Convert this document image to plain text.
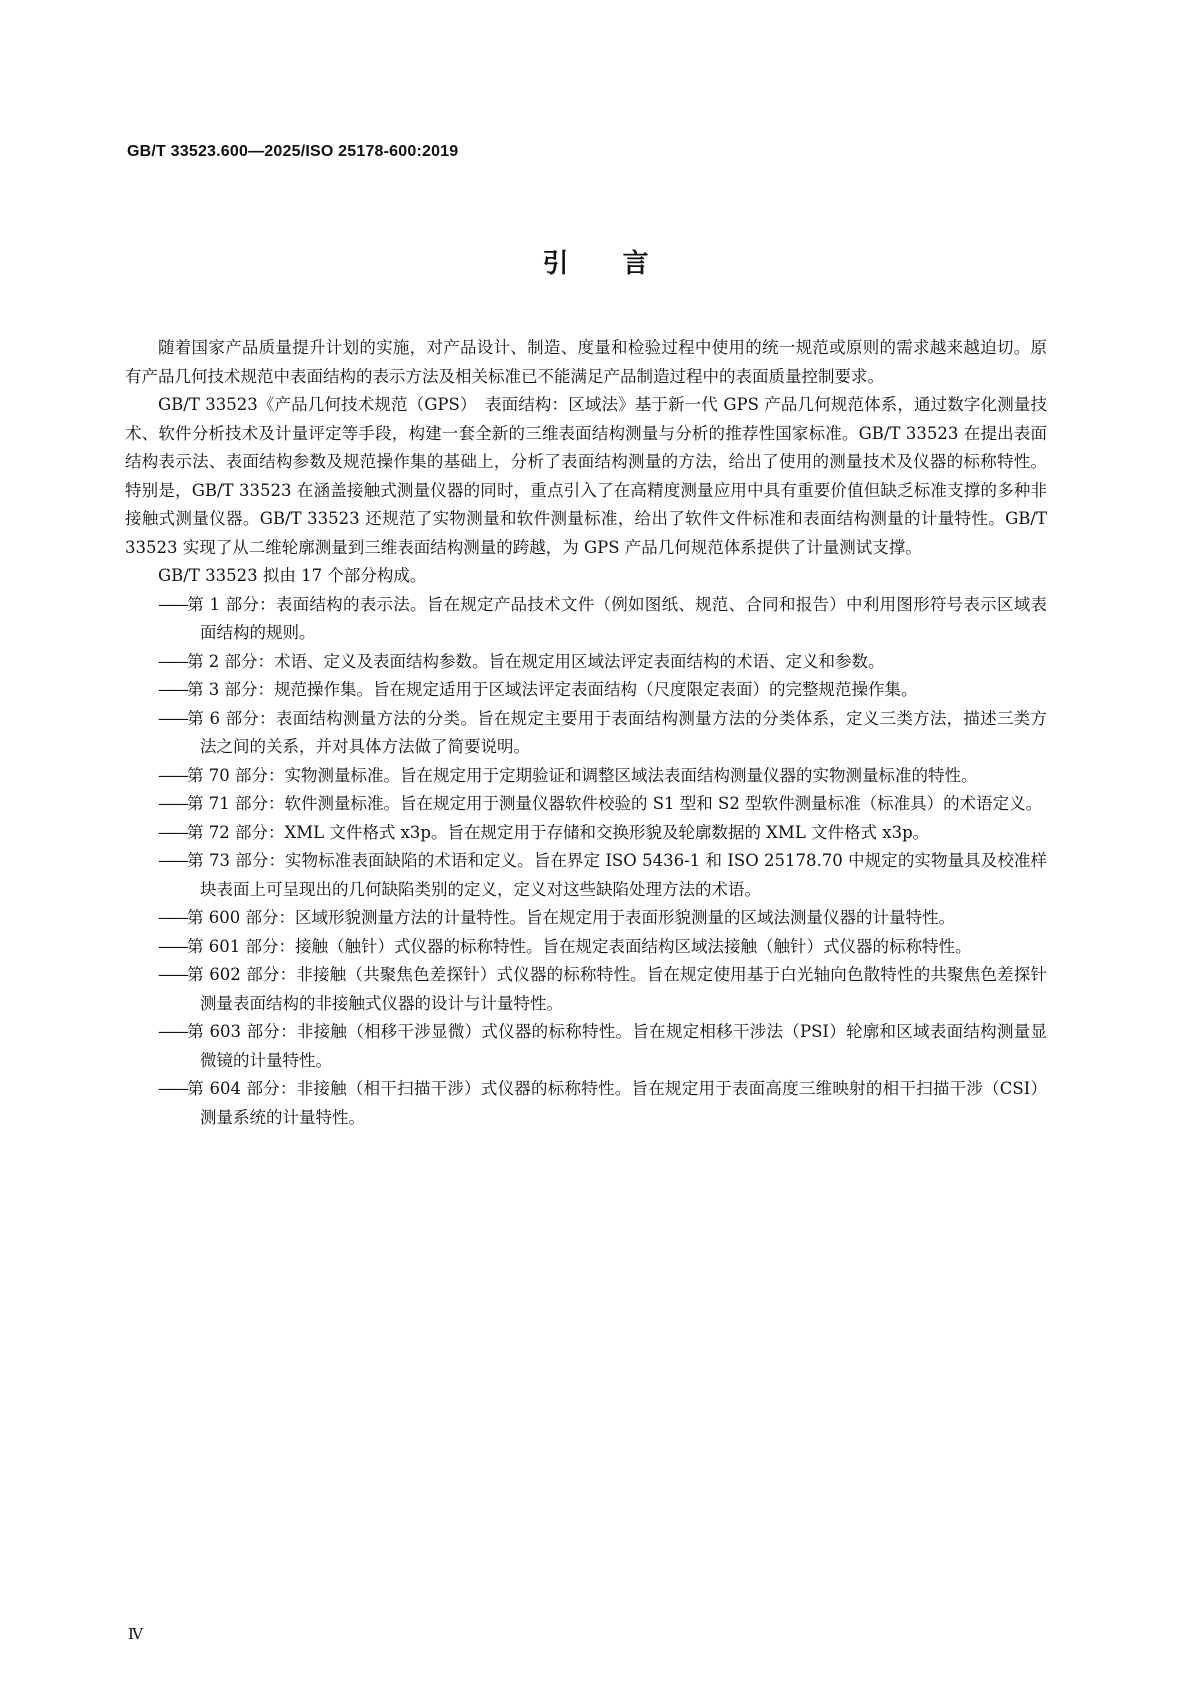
GB/T 33523.600—2025/ISO 25178-600:2019
引言

随着国家产品质量提升计划的实施，对产品设计、制造、度量和检验过程中使用的统一规范或原则的需求越来越迫切。原有产品几何技术规范中表面结构的表示方法及相关标准已不能满足产品制造过程中的表面质量控制要求。

GB/T 33523《产品几何技术规范（GPS）　表面结构：区域法》基于新一代 GPS 产品几何规范体系，通过数字化测量技术、软件分析技术及计量评定等手段，构建一套全新的三维表面结构测量与分析的推荐性国家标准。GB/T 33523 在提出表面结构表示法、表面结构参数及规范操作集的基础上，分析了表面结构测量的方法，给出了使用的测量技术及仪器的标称特性。特别是，GB/T 33523 在涵盖接触式测量仪器的同时，重点引入了在高精度测量应用中具有重要价值但缺乏标准支撑的多种非接触式测量仪器。GB/T 33523 还规范了实物测量和软件测量标准，给出了软件文件标准和表面结构测量的计量特性。GB/T 33523 实现了从二维轮廓测量到三维表面结构测量的跨越，为 GPS 产品几何规范体系提供了计量测试支撑。

GB/T 33523 拟由 17 个部分构成。

——第 1 部分：表面结构的表示法。旨在规定产品技术文件（例如图纸、规范、合同和报告）中利用图形符号表示区域表面结构的规则。
——第 2 部分：术语、定义及表面结构参数。旨在规定用区域法评定表面结构的术语、定义和参数。
——第 3 部分：规范操作集。旨在规定适用于区域法评定表面结构（尺度限定表面）的完整规范操作集。
——第 6 部分：表面结构测量方法的分类。旨在规定主要用于表面结构测量方法的分类体系，定义三类方法，描述三类方法之间的关系，并对具体方法做了简要说明。
——第 70 部分：实物测量标准。旨在规定用于定期验证和调整区域法表面结构测量仪器的实物测量标准的特性。
——第 71 部分：软件测量标准。旨在规定用于测量仪器软件校验的 S1 型和 S2 型软件测量标准（标准具）的术语定义。
——第 72 部分：XML 文件格式 x3p。旨在规定用于存储和交换形貌及轮廓数据的 XML 文件格式 x3p。
——第 73 部分：实物标准表面缺陷的术语和定义。旨在界定 ISO 5436-1 和 ISO 25178.70 中规定的实物量具及校准样块表面上可呈现出的几何缺陷类别的定义，定义对这些缺陷处理方法的术语。
——第 600 部分：区域形貌测量方法的计量特性。旨在规定用于表面形貌测量的区域法测量仪器的计量特性。
——第 601 部分：接触（触针）式仪器的标称特性。旨在规定表面结构区域法接触（触针）式仪器的标称特性。
——第 602 部分：非接触（共聚焦色差探针）式仪器的标称特性。旨在规定使用基于白光轴向色散特性的共聚焦色差探针测量表面结构的非接触式仪器的设计与计量特性。
——第 603 部分：非接触（相移干涉显微）式仪器的标称特性。旨在规定相移干涉法（PSI）轮廓和区域表面结构测量显微镜的计量特性。
——第 604 部分：非接触（相干扫描干涉）式仪器的标称特性。旨在规定用于表面高度三维映射的相干扫描干涉（CSI）测量系统的计量特性。
Ⅳ
